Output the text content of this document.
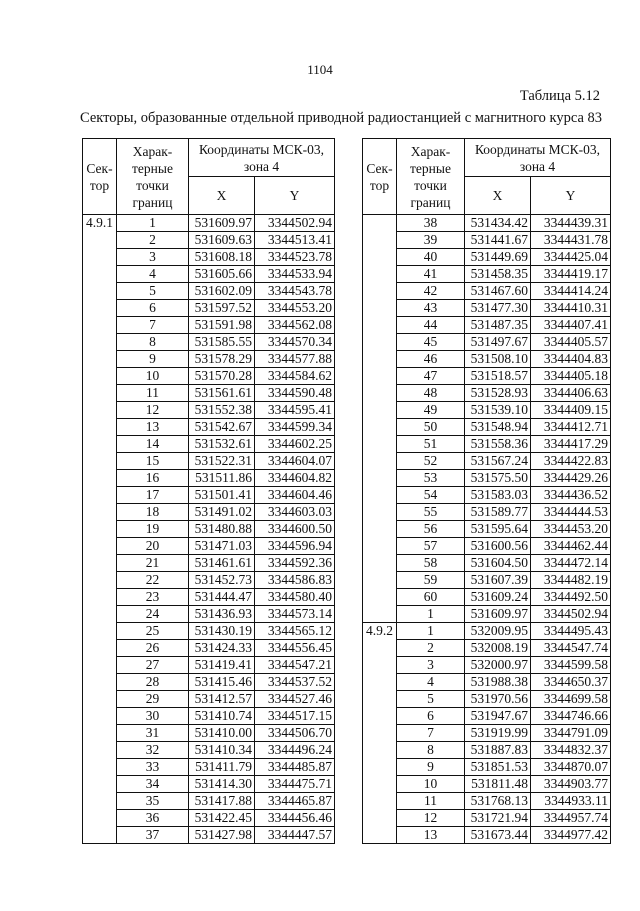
1104
Таблица 5.12
Секторы, образованные отдельной приводной радиостанцией с магнитного курса 83
Сек-тор	Харак-терные точки границ	Координаты МСК-03, зона 4	
		X	Y
4.9.1	1	531609.97	3344502.94
	2	531609.63	3344513.41
	3	531608.18	3344523.78
	4	531605.66	3344533.94
	5	531602.09	3344543.78
	6	531597.52	3344553.20
	7	531591.98	3344562.08
	8	531585.55	3344570.34
	9	531578.29	3344577.88
	10	531570.28	3344584.62
	11	531561.61	3344590.48
	12	531552.38	3344595.41
	13	531542.67	3344599.34
	14	531532.61	3344602.25
	15	531522.31	3344604.07
	16	531511.86	3344604.82
	17	531501.41	3344604.46
	18	531491.02	3344603.03
	19	531480.88	3344600.50
	20	531471.03	3344596.94
	21	531461.61	3344592.36
	22	531452.73	3344586.83
	23	531444.47	3344580.40
	24	531436.93	3344573.14
	25	531430.19	3344565.12
	26	531424.33	3344556.45
	27	531419.41	3344547.21
	28	531415.46	3344537.52
	29	531412.57	3344527.46
	30	531410.74	3344517.15
	31	531410.00	3344506.70
	32	531410.34	3344496.24
	33	531411.79	3344485.87
	34	531414.30	3344475.71
	35	531417.88	3344465.87
	36	531422.45	3344456.46
	37	531427.98	3344447.57
Сек-тор	Харак-терные точки границ	Координаты МСК-03, зона 4	
		X	Y
	38	531434.42	3344439.31
	39	531441.67	3344431.78
	40	531449.69	3344425.04
	41	531458.35	3344419.17
	42	531467.60	3344414.24
	43	531477.30	3344410.31
	44	531487.35	3344407.41
	45	531497.67	3344405.57
	46	531508.10	3344404.83
	47	531518.57	3344405.18
	48	531528.93	3344406.63
	49	531539.10	3344409.15
	50	531548.94	3344412.71
	51	531558.36	3344417.29
	52	531567.24	3344422.83
	53	531575.50	3344429.26
	54	531583.03	3344436.52
	55	531589.77	3344444.53
	56	531595.64	3344453.20
	57	531600.56	3344462.44
	58	531604.50	3344472.14
	59	531607.39	3344482.19
	60	531609.24	3344492.50
	1	531609.97	3344502.94
4.9.2	1	532009.95	3344495.43
	2	532008.19	3344547.74
	3	532000.97	3344599.58
	4	531988.38	3344650.37
	5	531970.56	3344699.58
	6	531947.67	3344746.66
	7	531919.99	3344791.09
	8	531887.83	3344832.37
	9	531851.53	3344870.07
	10	531811.48	3344903.77
	11	531768.13	3344933.11
	12	531721.94	3344957.74
	13	531673.44	3344977.42
